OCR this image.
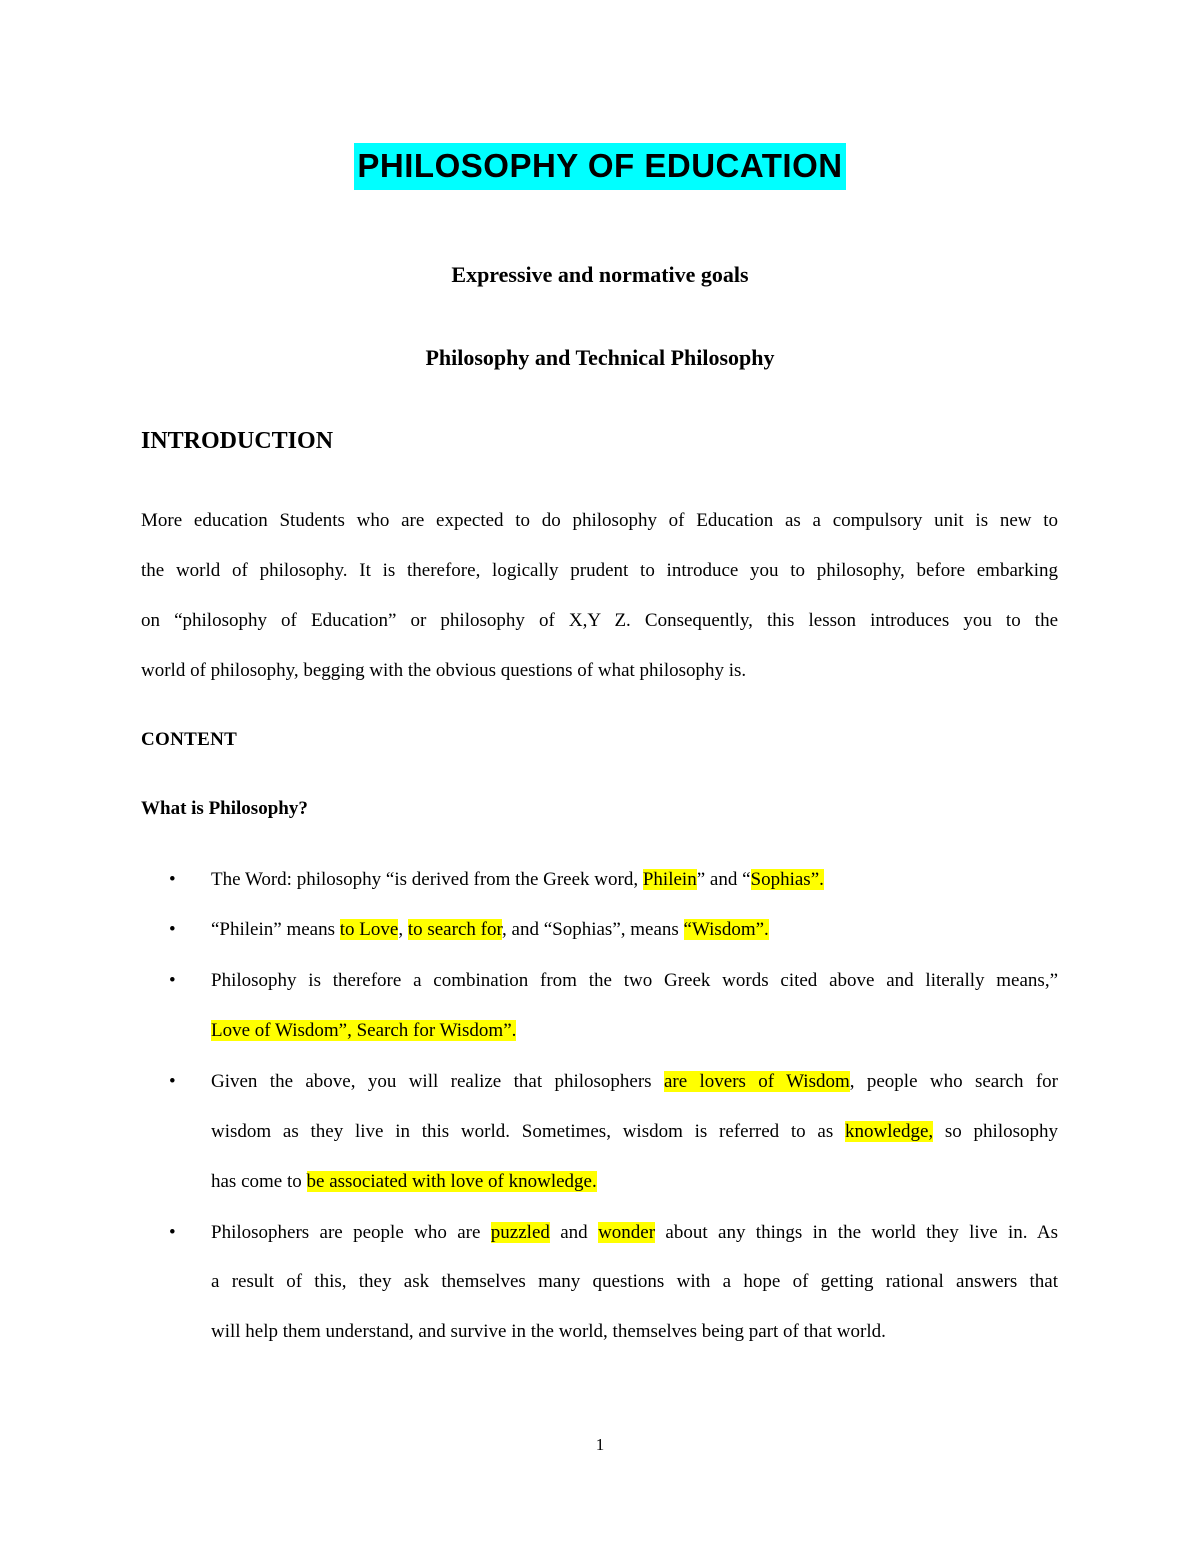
PHILOSOPHY OF EDUCATION
Expressive and normative goals
Philosophy and Technical Philosophy
INTRODUCTION
More education Students who are expected to do philosophy of Education as a compulsory unit is new to
the world of philosophy. It is therefore, logically prudent to introduce you to philosophy, before embarking
on “philosophy of Education” or philosophy of X,Y Z. Consequently, this lesson introduces you to the
world of philosophy, begging with the obvious questions of what philosophy is.
CONTENT
What is Philosophy?
• The Word: philosophy “is derived from the Greek word, Philein” and “Sophias”.
• “Philein” means to Love, to search for, and “Sophias”, means “Wisdom”.
• Philosophy is therefore a combination from the two Greek words cited above and literally means,”
Love of Wisdom”, Search for Wisdom”.
• Given the above, you will realize that philosophers are lovers of Wisdom, people who search for
wisdom as they live in this world. Sometimes, wisdom is referred to as knowledge, so philosophy
has come to be associated with love of knowledge.
• Philosophers are people who are puzzled and wonder about any things in the world they live in. As
a result of this, they ask themselves many questions with a hope of getting rational answers that
will help them understand, and survive in the world, themselves being part of that world.
1
